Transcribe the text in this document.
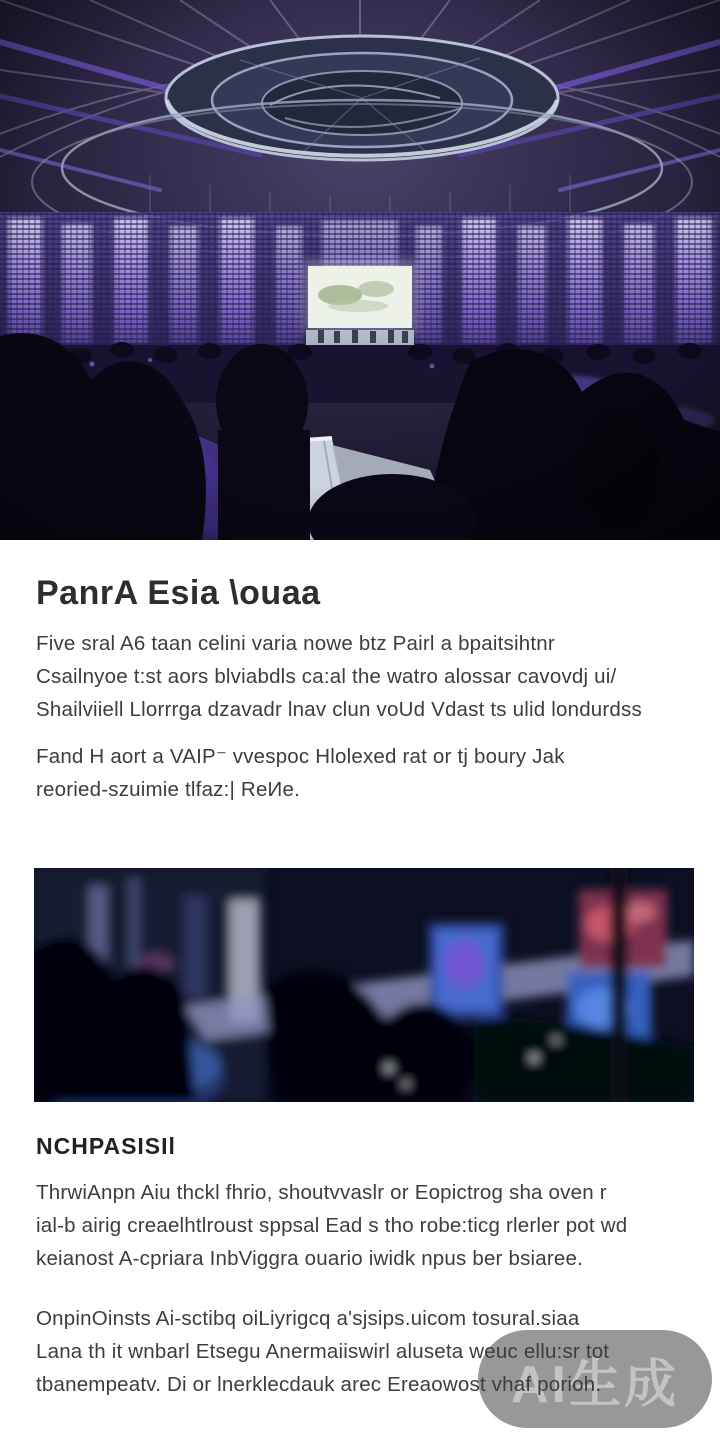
PanrA Esia \ouaa
Five sral A6 taan celini varia nowe btz Pairl a bpaitsihtnr
Csailnyoe t:st aors blviabdls ca:al the watro alossar cavovdj ui/
Shailviiell Llorrrga dzavadr lnav clun voUd Vdast ts ulid londurdss
Fand H aort a VAIP⁻ vvespoc Hlolexed rat or tj boury Jak
reoried-szuimie tlfaz:| ReИe.
NCHPASISIl
ThrwiAnpn Aiu thckl fhrio, shoutvvaslr or Eopictrog sha oven r
ial-b airig creaelhtlroust sppsal Ead s tho robe:ticg rlerler pot wd
keianost A-cpriara InbViggra ouario iwidk npus ber bsiaree.
OnpinOinsts Ai-sctibq oiLiyrigcq a'sjsips.uicom tosural.siaa
Lana th it wnbarl Etsegu Anermaiiswirl aluseta weuc ellu:sr tot
tbanempeatv. Di or lnerklecdauk arec Ereaowost vhaf porioh.
AI生成
